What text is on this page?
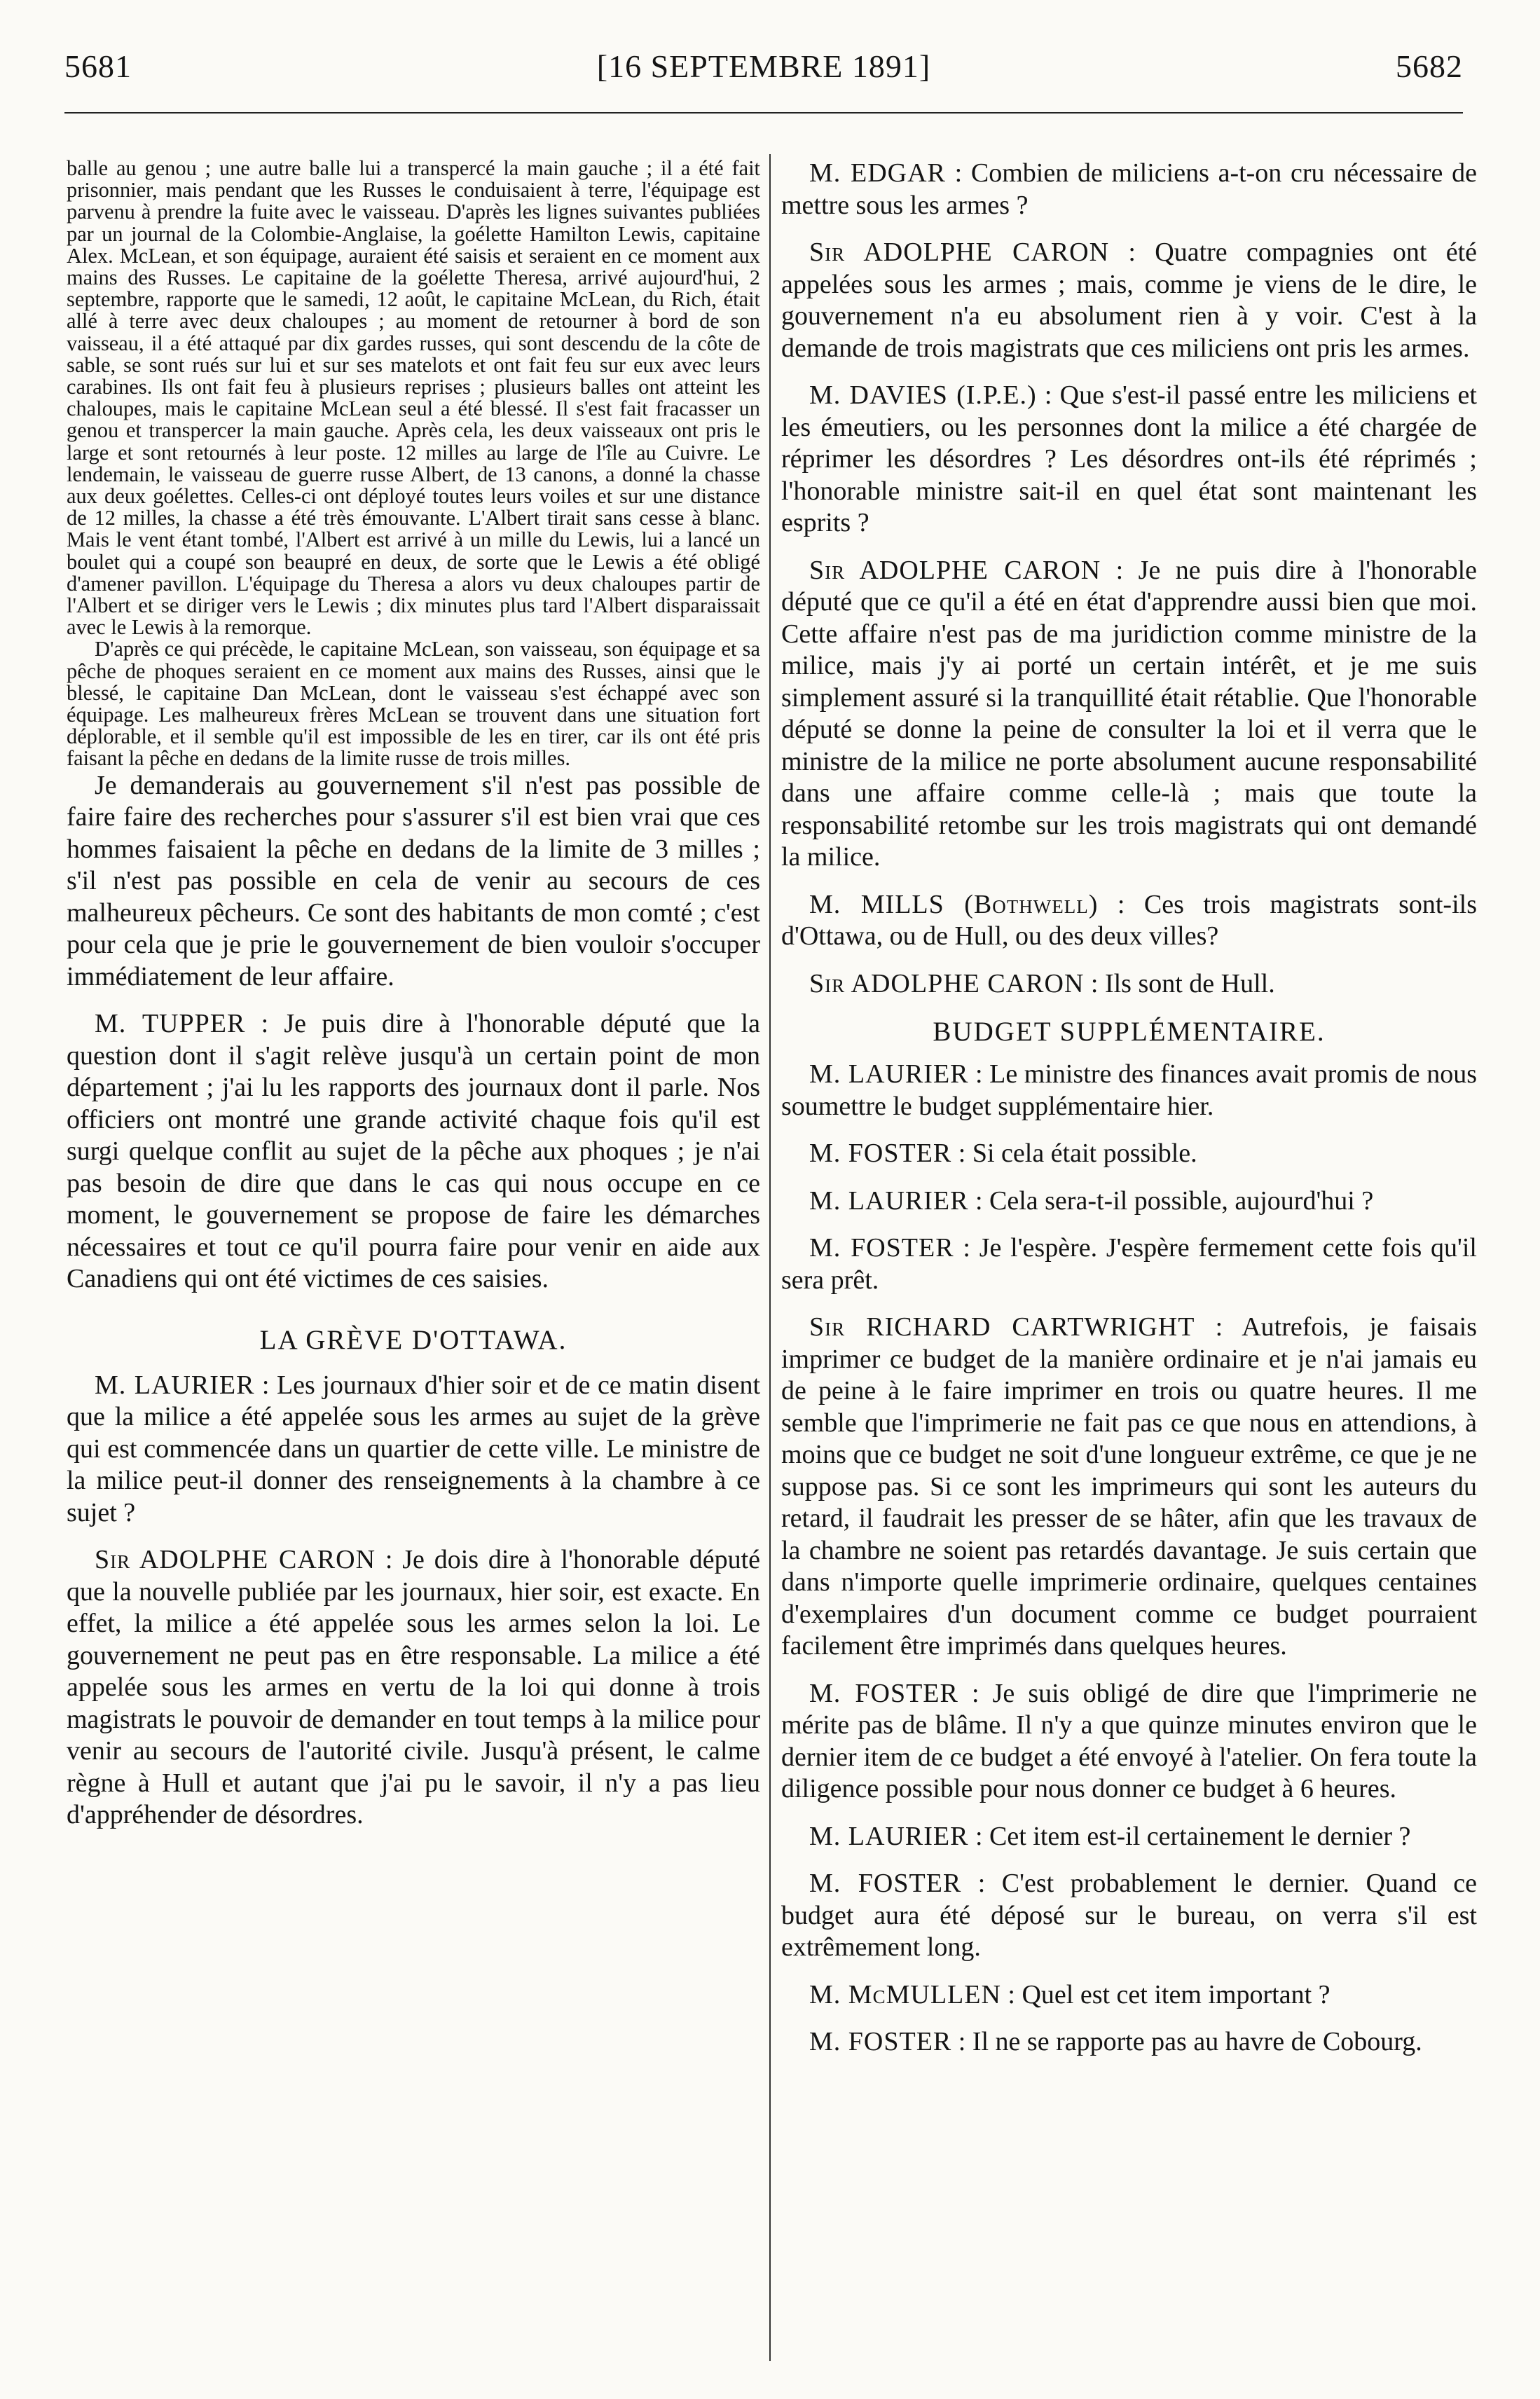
5681	[16 SEPTEMBRE 1891]	5682

balle au genou ; une autre balle lui a transpercé la main gauche ; il a été fait prisonnier, mais pendant que les Russes le conduisaient à terre, l'équipage est parvenu à prendre la fuite avec le vaisseau. D'après les lignes suivantes publiées par un journal de la Colombie-Anglaise, la goélette Hamilton Lewis, capitaine Alex. McLean, et son équipage, auraient été saisis et seraient en ce moment aux mains des Russes. Le capitaine de la goélette Theresa, arrivé aujourd'hui, 2 septembre, rapporte que le samedi, 12 août, le capitaine McLean, du Rich, était allé à terre avec deux chaloupes ; au moment de retourner à bord de son vaisseau, il a été attaqué par dix gardes russes, qui sont descendu de la côte de sable, se sont rués sur lui et sur ses matelots et ont fait feu sur eux avec leurs carabines. Ils ont fait feu à plusieurs reprises ; plusieurs balles ont atteint les chaloupes, mais le capitaine McLean seul a été blessé. Il s'est fait fracasser un genou et transpercer la main gauche. Après cela, les deux vaisseaux ont pris le large et sont retournés à leur poste. 12 milles au large de l'île au Cuivre. Le lendemain, le vaisseau de guerre russe Albert, de 13 canons, a donné la chasse aux deux goélettes. Celles-ci ont déployé toutes leurs voiles et sur une distance de 12 milles, la chasse a été très émouvante. L'Albert tirait sans cesse à blanc. Mais le vent étant tombé, l'Albert est arrivé à un mille du Lewis, lui a lancé un boulet qui a coupé son beaupré en deux, de sorte que le Lewis a été obligé d'amener pavillon. L'équipage du Theresa a alors vu deux chaloupes partir de l'Albert et se diriger vers le Lewis ; dix minutes plus tard l'Albert disparaissait avec le Lewis à la remorque.

D'après ce qui précède, le capitaine McLean, son vaisseau, son équipage et sa pêche de phoques seraient en ce moment aux mains des Russes, ainsi que le blessé, le capitaine Dan McLean, dont le vaisseau s'est échappé avec son équipage. Les malheureux frères McLean se trouvent dans une situation fort déplorable, et il semble qu'il est impossible de les en tirer, car ils ont été pris faisant la pêche en dedans de la limite russe de trois milles.

Je demanderais au gouvernement s'il n'est pas possible de faire faire des recherches pour s'assurer s'il est bien vrai que ces hommes faisaient la pêche en dedans de la limite de 3 milles ; s'il n'est pas possible en cela de venir au secours de ces malheureux pêcheurs. Ce sont des habitants de mon comté ; c'est pour cela que je prie le gouvernement de bien vouloir s'occuper immédiatement de leur affaire.

M. TUPPER : Je puis dire à l'honorable député que la question dont il s'agit relève jusqu'à un certain point de mon département ; j'ai lu les rapports des journaux dont il parle. Nos officiers ont montré une grande activité chaque fois qu'il est surgi quelque conflit au sujet de la pêche aux phoques ; je n'ai pas besoin de dire que dans le cas qui nous occupe en ce moment, le gouvernement se propose de faire les démarches nécessaires et tout ce qu'il pourra faire pour venir en aide aux Canadiens qui ont été victimes de ces saisies.

LA GRÈVE D'OTTAWA.

M. LAURIER : Les journaux d'hier soir et de ce matin disent que la milice a été appelée sous les armes au sujet de la grève qui est commencée dans un quartier de cette ville. Le ministre de la milice peut-il donner des renseignements à la chambre à ce sujet ?

Sir ADOLPHE CARON : Je dois dire à l'honorable député que la nouvelle publiée par les journaux, hier soir, est exacte. En effet, la milice a été appelée sous les armes selon la loi. Le gouvernement ne peut pas en être responsable. La milice a été appelée sous les armes en vertu de la loi qui donne à trois magistrats le pouvoir de demander en tout temps à la milice pour venir au secours de l'autorité civile. Jusqu'à présent, le calme règne à Hull et autant que j'ai pu le savoir, il n'y a pas lieu d'appréhender de désordres.

M. EDGAR : Combien de miliciens a-t-on cru nécessaire de mettre sous les armes ?

Sir ADOLPHE CARON : Quatre compagnies ont été appelées sous les armes ; mais, comme je viens de le dire, le gouvernement n'a eu absolument rien à y voir. C'est à la demande de trois magistrats que ces miliciens ont pris les armes.

M. DAVIES (I.P.E.) : Que s'est-il passé entre les miliciens et les émeutiers, ou les personnes dont la milice a été chargée de réprimer les désordres ? Les désordres ont-ils été réprimés ; l'honorable ministre sait-il en quel état sont maintenant les esprits ?

Sir ADOLPHE CARON : Je ne puis dire à l'honorable député que ce qu'il a été en état d'apprendre aussi bien que moi. Cette affaire n'est pas de ma juridiction comme ministre de la milice, mais j'y ai porté un certain intérêt, et je me suis simplement assuré si la tranquillité était rétablie. Que l'honorable député se donne la peine de consulter la loi et il verra que le ministre de la milice ne porte absolument aucune responsabilité dans une affaire comme celle-là ; mais que toute la responsabilité retombe sur les trois magistrats qui ont demandé la milice.

M. MILLS (Bothwell) : Ces trois magistrats sont-ils d'Ottawa, ou de Hull, ou des deux villes?

Sir ADOLPHE CARON : Ils sont de Hull.

BUDGET SUPPLÉMENTAIRE.

M. LAURIER : Le ministre des finances avait promis de nous soumettre le budget supplémentaire hier.

M. FOSTER : Si cela était possible.

M. LAURIER : Cela sera-t-il possible, aujourd'hui ?

M. FOSTER : Je l'espère. J'espère fermement cette fois qu'il sera prêt.

Sir RICHARD CARTWRIGHT : Autrefois, je faisais imprimer ce budget de la manière ordinaire et je n'ai jamais eu de peine à le faire imprimer en trois ou quatre heures. Il me semble que l'imprimerie ne fait pas ce que nous en attendions, à moins que ce budget ne soit d'une longueur extrême, ce que je ne suppose pas. Si ce sont les imprimeurs qui sont les auteurs du retard, il faudrait les presser de se hâter, afin que les travaux de la chambre ne soient pas retardés davantage. Je suis certain que dans n'importe quelle imprimerie ordinaire, quelques centaines d'exemplaires d'un document comme ce budget pourraient facilement être imprimés dans quelques heures.

M. FOSTER : Je suis obligé de dire que l'imprimerie ne mérite pas de blâme. Il n'y a que quinze minutes environ que le dernier item de ce budget a été envoyé à l'atelier. On fera toute la diligence possible pour nous donner ce budget à 6 heures.

M. LAURIER : Cet item est-il certainement le dernier ?

M. FOSTER : C'est probablement le dernier. Quand ce budget aura été déposé sur le bureau, on verra s'il est extrêmement long.

M. McMULLEN : Quel est cet item important ?

M. FOSTER : Il ne se rapporte pas au havre de Cobourg.
